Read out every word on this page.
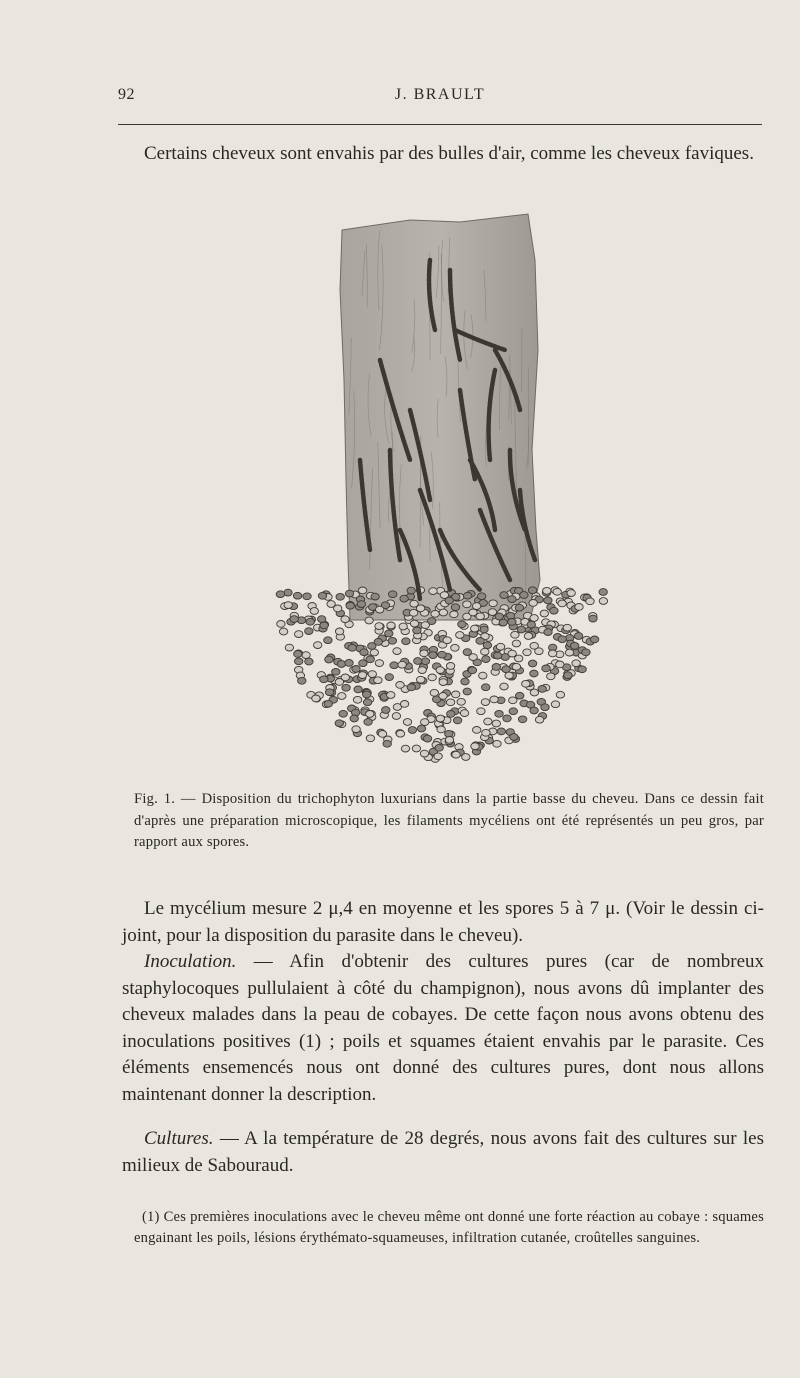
92	J. BRAULT

Certains cheveux sont envahis par des bulles d'air, comme les cheveux faviques.

Fig. 1. — Disposition du trichophyton luxurians dans la partie basse du cheveu. Dans ce dessin fait d'après une préparation microscopique, les filaments mycéliens ont été représentés un peu gros, par rapport aux spores.

Le mycélium mesure 2 μ,4 en moyenne et les spores 5 à 7 μ. (Voir le dessin ci-joint, pour la disposition du parasite dans le cheveu).
Inoculation. — Afin d'obtenir des cultures pures (car de nombreux staphylocoques pullulaient à côté du champignon), nous avons dû implanter des cheveux malades dans la peau de cobayes. De cette façon nous avons obtenu des inoculations positives (1) ; poils et squames étaient envahis par le parasite. Ces éléments ensemencés nous ont donné des cultures pures, dont nous allons maintenant donner la description.

Cultures. — A la température de 28 degrés, nous avons fait des cultures sur les milieux de Sabouraud.

(1) Ces premières inoculations avec le cheveu même ont donné une forte réaction au cobaye : squames engainant les poils, lésions érythémato-squameuses, infiltration cutanée, croûtelles sanguines.
